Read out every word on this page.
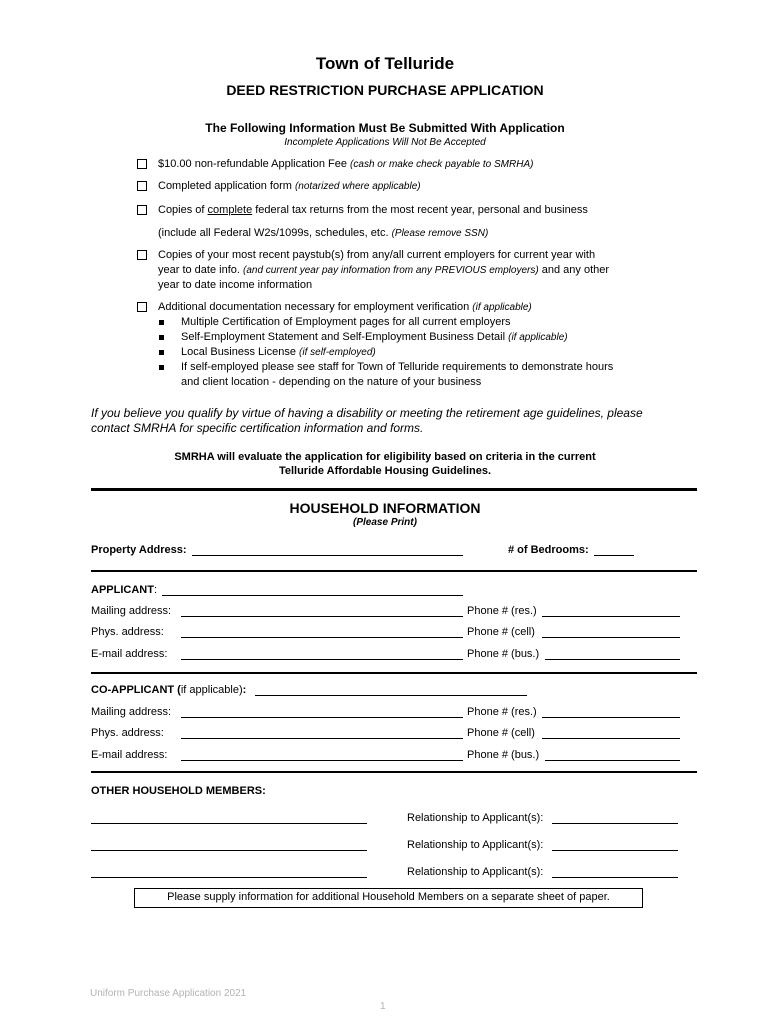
Town of Telluride
DEED RESTRICTION PURCHASE APPLICATION
The Following Information Must Be Submitted With Application
Incomplete Applications Will Not Be Accepted
$10.00 non-refundable Application Fee (cash or make check payable to SMRHA)
Completed application form (notarized where applicable)
Copies of complete federal tax returns from the most recent year, personal and business
(include all Federal W2s/1099s, schedules, etc. (Please remove SSN)
Copies of your most recent paystub(s) from any/all current employers for current year with
year to date info. (and current year pay information from any PREVIOUS employers) and any other
year to date income information
Additional documentation necessary for employment verification (if applicable)
Multiple Certification of Employment pages for all current employers
Self-Employment Statement and Self-Employment Business Detail (if applicable)
Local Business License (if self-employed)
If self-employed please see staff for Town of Telluride requirements to demonstrate hours
and client location - depending on the nature of your business
If you believe you qualify by virtue of having a disability or meeting the retirement age guidelines, please
contact SMRHA for specific certification information and forms.
SMRHA will evaluate the application for eligibility based on criteria in the current
Telluride Affordable Housing Guidelines.
HOUSEHOLD INFORMATION
(Please Print)
Property Address:	# of Bedrooms:
APPLICANT:
Mailing address:	Phone # (res.)
Phys. address:	Phone # (cell)
E-mail address:	Phone # (bus.)
CO-APPLICANT (if applicable):
Mailing address:	Phone # (res.)
Phys. address:	Phone # (cell)
E-mail address:	Phone # (bus.)
OTHER HOUSEHOLD MEMBERS:
Relationship to Applicant(s):
Relationship to Applicant(s):
Relationship to Applicant(s):
Please supply information for additional Household Members on a separate sheet of paper.
Uniform Purchase Application 2021
1
